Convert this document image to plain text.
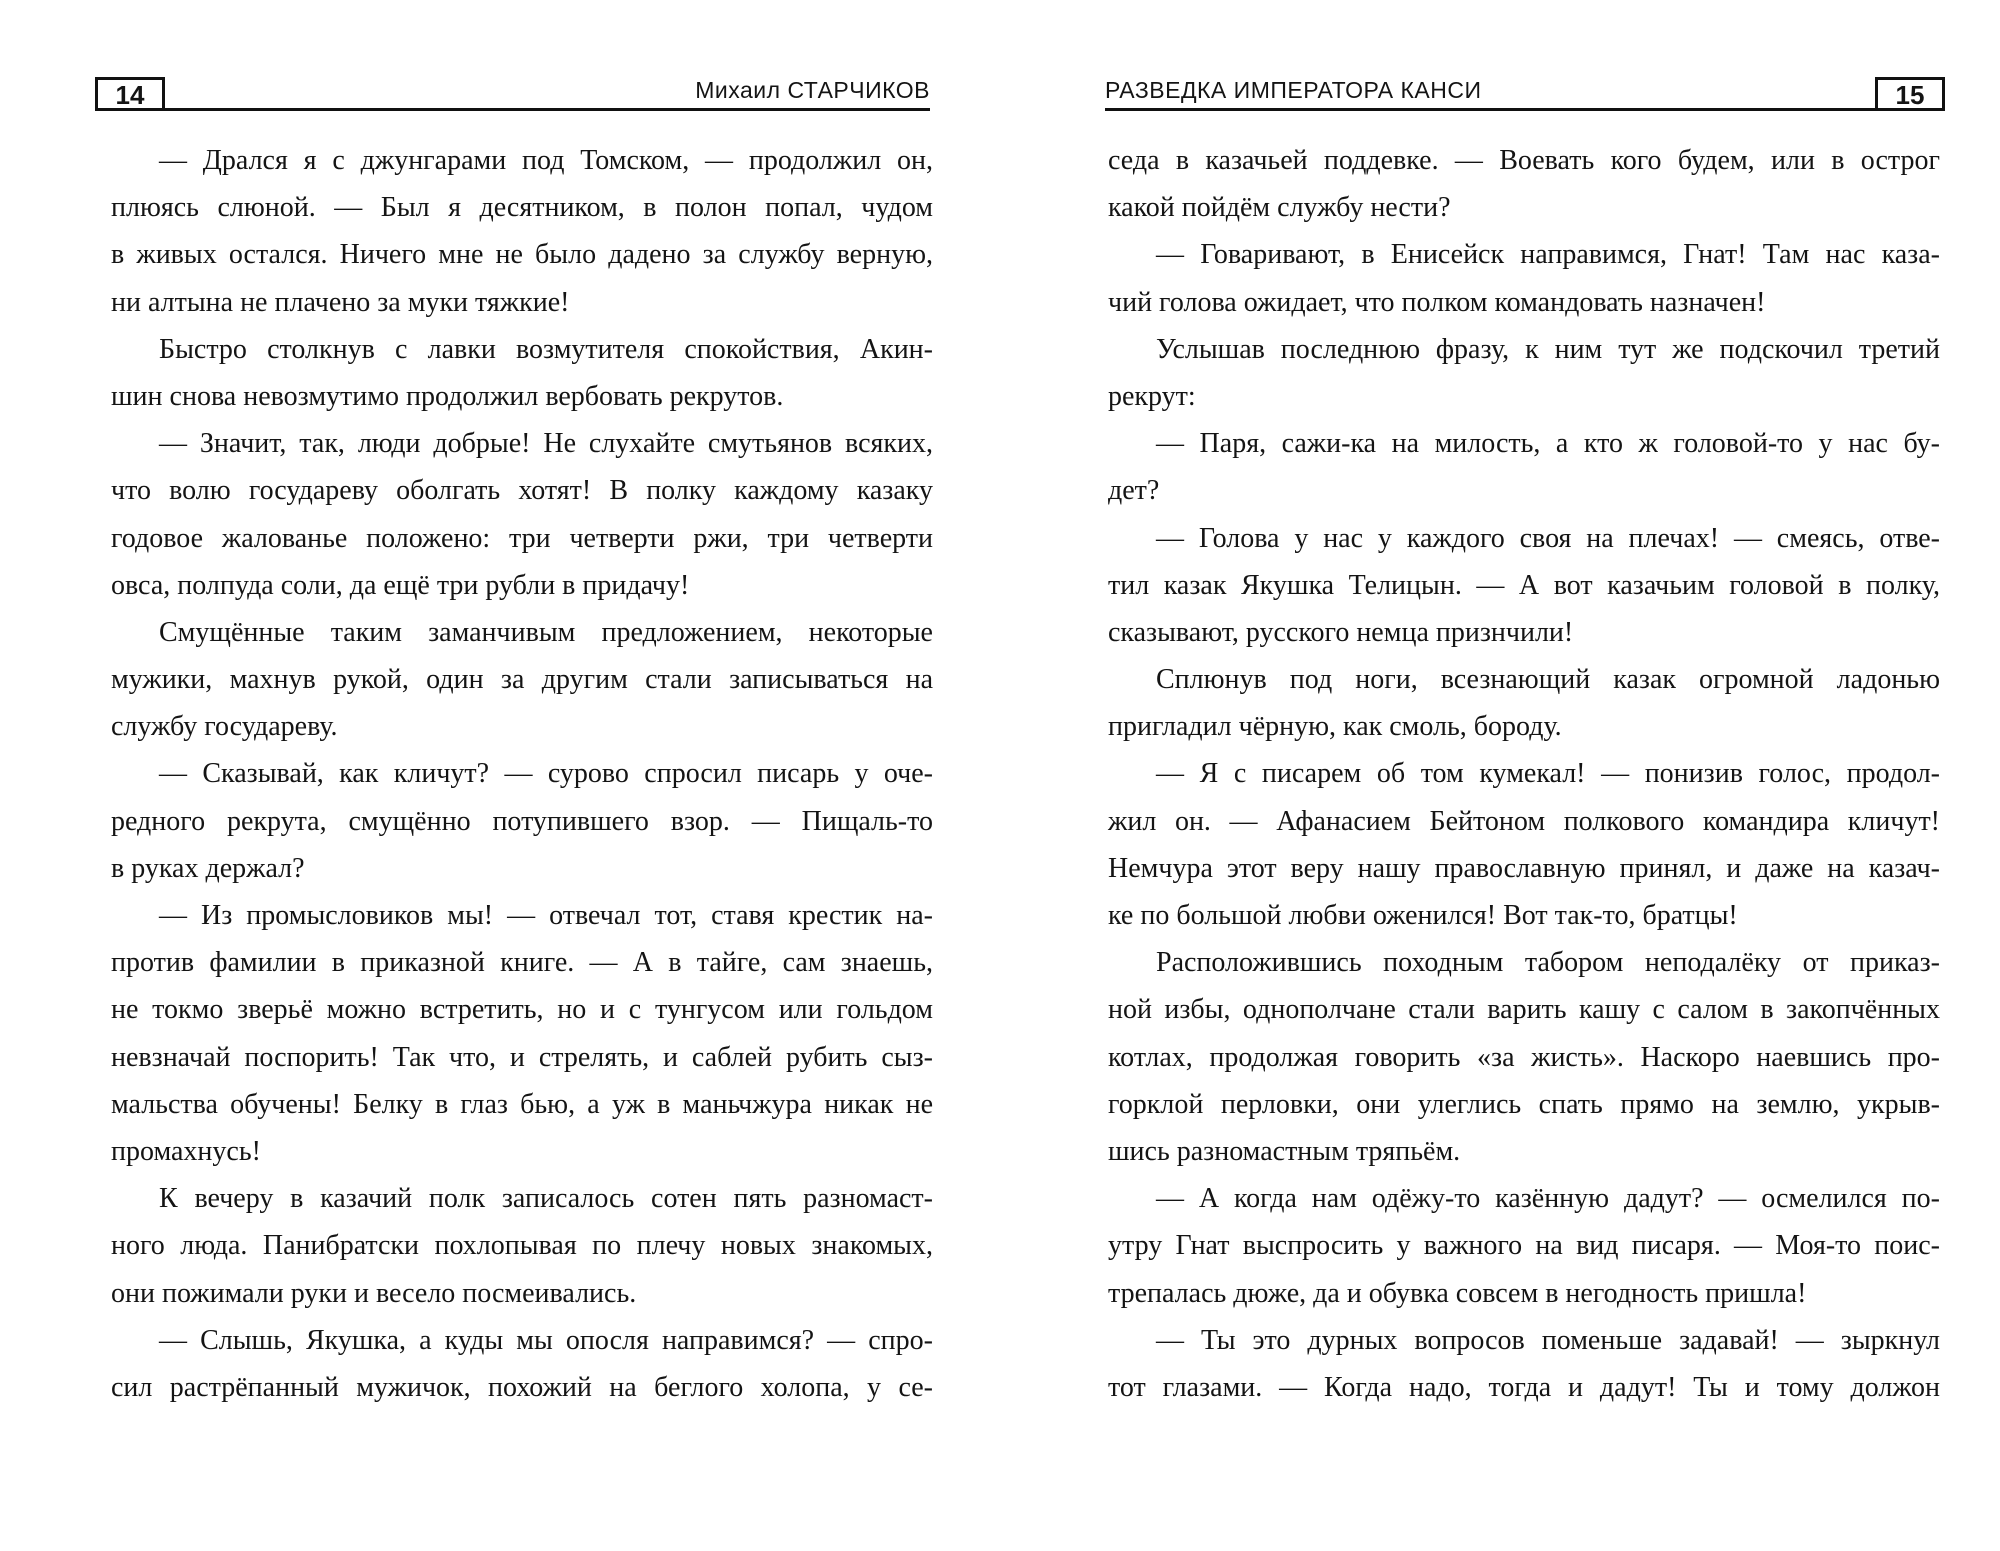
14	Михаил СТАРЧИКОВ
— Дрался я с джунгарами под Томском, — продолжил он,
плюясь слюной. — Был я десятником, в полон попал, чудом
в живых остался. Ничего мне не было дадено за службу верную,
ни алтына не плачено за муки тяжкие!
Быстро столкнув с лавки возмутителя спокойствия, Акин-
шин снова невозмутимо продолжил вербовать рекрутов.
— Значит, так, люди добрые! Не слухайте смутьянов всяких,
что волю государеву оболгать хотят! В полку каждому казаку
годовое жалованье положено: три четверти ржи, три четверти
овса, полпуда соли, да ещё три рубли в придачу!
Смущённые таким заманчивым предложением, некоторые
мужики, махнув рукой, один за другим стали записываться на
службу государеву.
— Сказывай, как кличут? — сурово спросил писарь у оче-
редного рекрута, смущённо потупившего взор. — Пищаль-то
в руках держал?
— Из промысловиков мы! — отвечал тот, ставя крестик на-
против фамилии в приказной книге. — А в тайге, сам знаешь,
не токмо зверьё можно встретить, но и с тунгусом или гольдом
невзначай поспорить! Так что, и стрелять, и саблей рубить сыз-
мальства обучены! Белку в глаз бью, а уж в маньчжура никак не
промахнусь!
К вечеру в казачий полк записалось сотен пять разномаст-
ного люда. Панибратски похлопывая по плечу новых знакомых,
они пожимали руки и весело посмеивались.
— Слышь, Якушка, а куды мы опосля направимся? — спро-
сил растрёпанный мужичок, похожий на беглого холопа, у се-
РАЗВЕДКА ИМПЕРАТОРА КАНСИ	15
седа в казачьей поддевке. — Воевать кого будем, или в острог
какой пойдём службу нести?
— Говаривают, в Енисейск направимся, Гнат! Там нас каза-
чий голова ожидает, что полком командовать назначен!
Услышав последнюю фразу, к ним тут же подскочил третий
рекрут:
— Паря, сажи-ка на милость, а кто ж головой-то у нас бу-
дет?
— Голова у нас у каждого своя на плечах! — смеясь, отве-
тил казак Якушка Телицын. — А вот казачьим головой в полку,
сказывают, русского немца признчили!
Сплюнув под ноги, всезнающий казак огромной ладонью
пригладил чёрную, как смоль, бороду.
— Я с писарем об том кумекал! — понизив голос, продол-
жил он. — Афанасием Бейтоном полкового командира кличут!
Немчура этот веру нашу православную принял, и даже на казач-
ке по большой любви оженился! Вот так-то, братцы!
Расположившись походным табором неподалёку от приказ-
ной избы, однополчане стали варить кашу с салом в закопчённых
котлах, продолжая говорить «за жисть». Наскоро наевшись про-
горклой перловки, они улеглись спать прямо на землю, укрыв-
шись разномастным тряпьём.
— А когда нам одёжу-то казённую дадут? — осмелился по-
утру Гнат выспросить у важного на вид писаря. — Моя-то поис-
трепалась дюже, да и обувка совсем в негодность пришла!
— Ты это дурных вопросов поменьше задавай! — зыркнул
тот глазами. — Когда надо, тогда и дадут! Ты и тому должон
